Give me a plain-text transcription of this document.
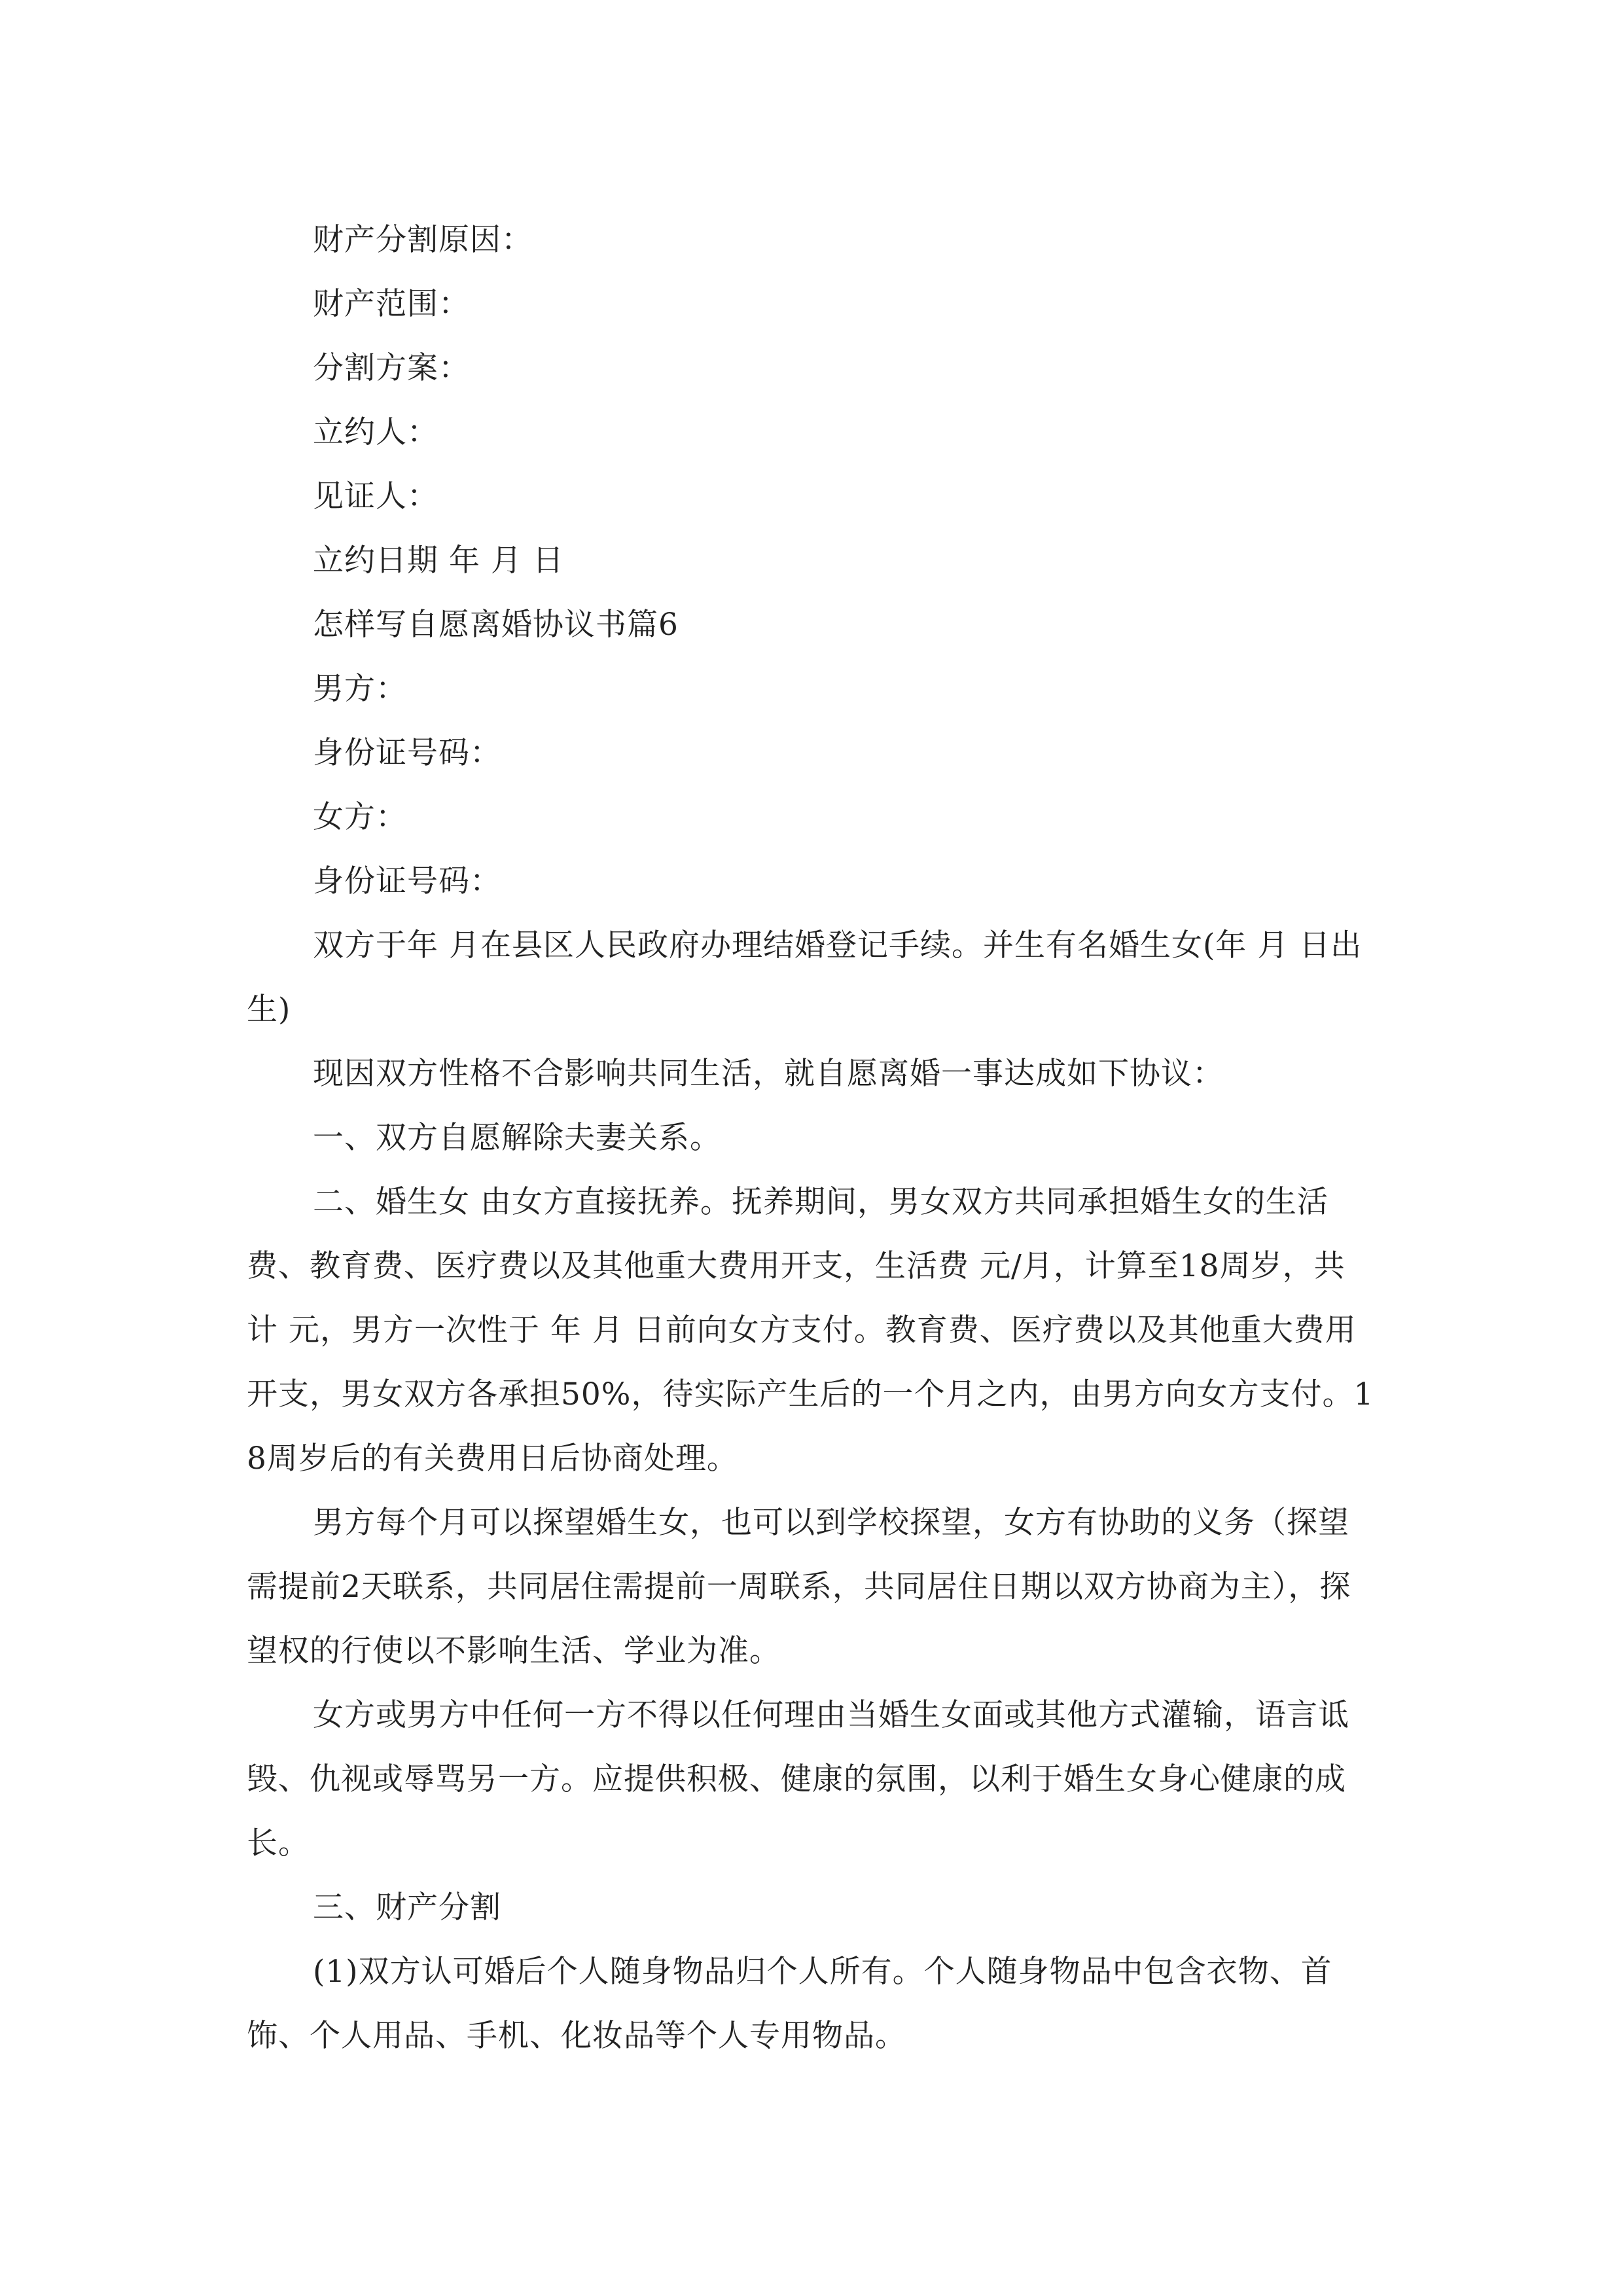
财产分割原因：

财产范围：

分割方案：

立约人：

见证人：

立约日期 年 月 日

怎样写自愿离婚协议书篇6

男方：

身份证号码：

女方：

身份证号码：

双方于年 月在县区人民政府办理结婚登记手续。并生有名婚生女(年 月 日出生)

现因双方性格不合影响共同生活，就自愿离婚一事达成如下协议：

一、双方自愿解除夫妻关系。

二、婚生女 由女方直接抚养。抚养期间，男女双方共同承担婚生女的生活费、教育费、医疗费以及其他重大费用开支，生活费 元/月，计算至18周岁，共计 元，男方一次性于 年 月 日前向女方支付。教育费、医疗费以及其他重大费用开支，男女双方各承担50%，待实际产生后的一个月之内，由男方向女方支付。18周岁后的有关费用日后协商处理。

男方每个月可以探望婚生女，也可以到学校探望，女方有协助的义务（探望需提前2天联系，共同居住需提前一周联系，共同居住日期以双方协商为主），探望权的行使以不影响生活、学业为准。

女方或男方中任何一方不得以任何理由当婚生女面或其他方式灌输，语言诋毁、仇视或辱骂另一方。应提供积极、健康的氛围，以利于婚生女身心健康的成长。

三、财产分割

(1)双方认可婚后个人随身物品归个人所有。个人随身物品中包含衣物、首饰、个人用品、手机、化妆品等个人专用物品。
